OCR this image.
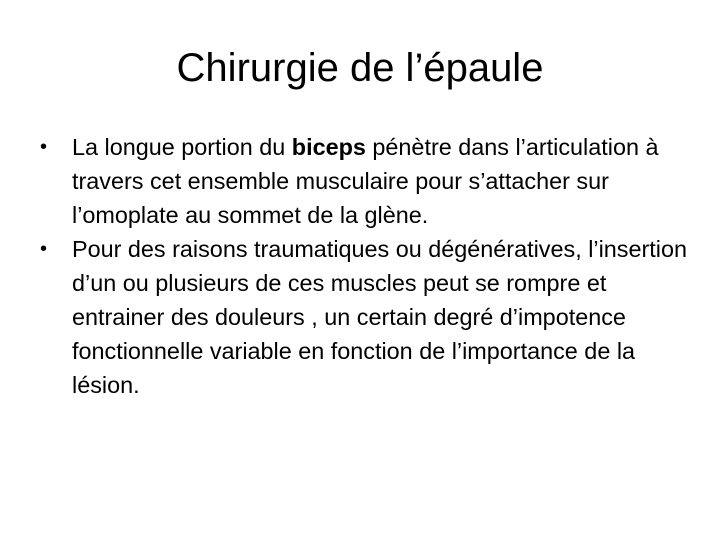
Chirurgie de l’épaule

• La longue portion du biceps pénètre dans l’articulation à travers cet ensemble musculaire pour s’attacher sur l’omoplate au sommet de la glène.

• Pour des raisons traumatiques ou dégénératives, l’insertion d’un ou plusieurs de ces muscles peut se rompre et entrainer des douleurs , un certain degré d’impotence fonctionnelle variable en fonction de l’importance de la lésion.
